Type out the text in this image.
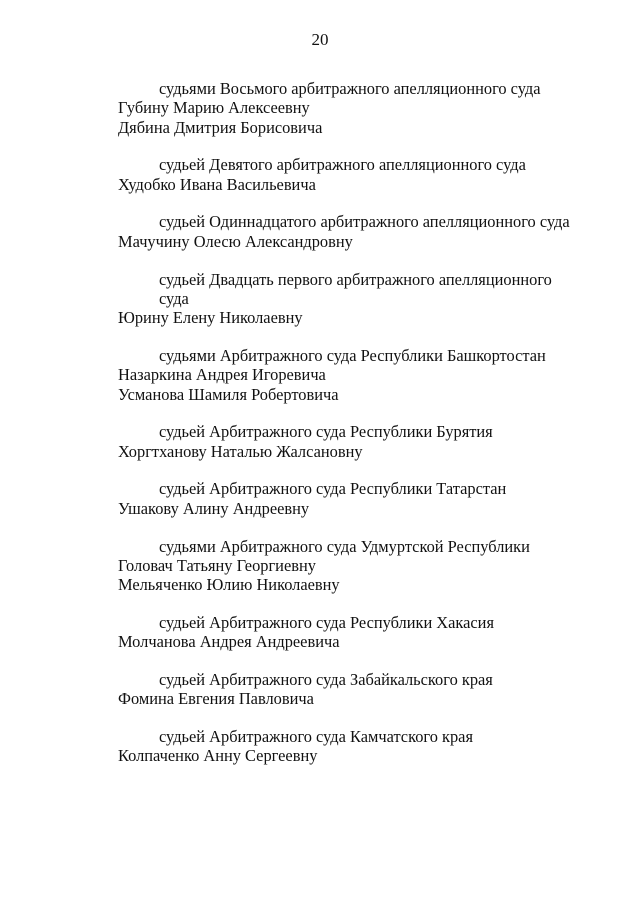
20
судьями Восьмого арбитражного апелляционного суда
Губину Марию Алексеевну
Дябина Дмитрия Борисовича
судьей Девятого арбитражного апелляционного суда
Худобко Ивана Васильевича
судьей Одиннадцатого арбитражного апелляционного суда
Мачучину Олесю Александровну
судьей Двадцать первого арбитражного апелляционного
суда
Юрину Елену Николаевну
судьями Арбитражного суда Республики Башкортостан
Назаркина Андрея Игоревича
Усманова Шамиля Робертовича
судьей Арбитражного суда Республики Бурятия
Хоргтханову Наталью Жалсановну
судьей Арбитражного суда Республики Татарстан
Ушакову Алину Андреевну
судьями Арбитражного суда Удмуртской Республики
Головач Татьяну Георгиевну
Мельяченко Юлию Николаевну
судьей Арбитражного суда Республики Хакасия
Молчанова Андрея Андреевича
судьей Арбитражного суда Забайкальского края
Фомина Евгения Павловича
судьей Арбитражного суда Камчатского края
Колпаченко Анну Сергеевну
